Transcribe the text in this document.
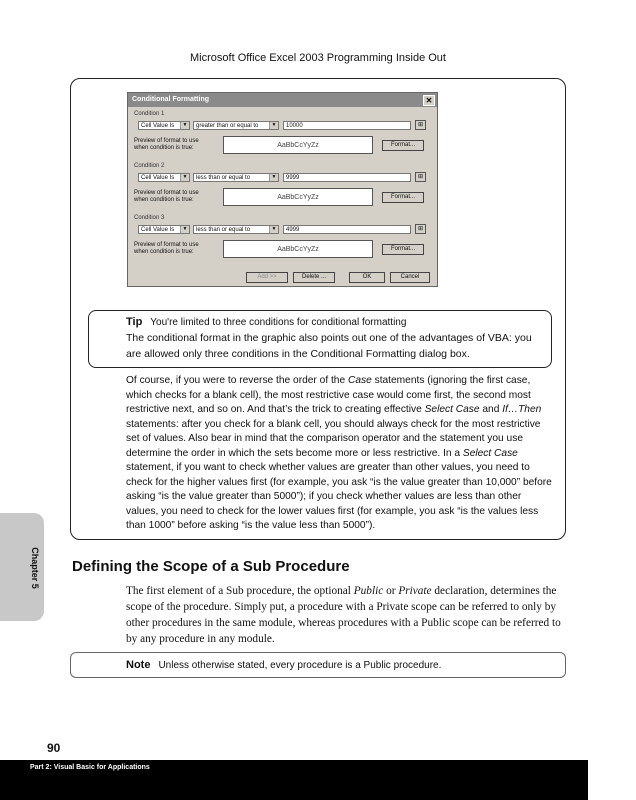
Microsoft Office Excel 2003 Programming Inside Out
Conditional Formatting	✕
Condition 1
Cell Value Is	▼	greater than or equal to	▼	10000	⊞
Preview of format to use when condition is true:	AaBbCcYyZz	Format...
Condition 2
Cell Value Is	▼	less than or equal to	▼	9999	⊞
Preview of format to use when condition is true:	AaBbCcYyZz	Format...
Condition 3
Cell Value Is	▼	less than or equal to	▼	4999	⊞
Preview of format to use when condition is true:	AaBbCcYyZz	Format...
Add >>	Delete ...	OK	Cancel
Tip You're limited to three conditions for conditional formatting
The conditional format in the graphic also points out one of the advantages of VBA: you are allowed only three conditions in the Conditional Formatting dialog box.
Of course, if you were to reverse the order of the Case statements (ignoring the first case, which checks for a blank cell), the most restrictive case would come first, the second most restrictive next, and so on. And that’s the trick to creating effective Select Case and If…Then statements: after you check for a blank cell, you should always check for the most restrictive set of values. Also bear in mind that the comparison operator and the statement you use determine the order in which the sets become more or less restrictive. In a Select Case statement, if you want to check whether values are greater than other values, you need to check for the higher values first (for example, you ask “is the value greater than 10,000” before asking “is the value greater than 5000”); if you check whether values are less than other values, you need to check for the lower values first (for example, you ask “is the values less than 1000” before asking “is the value less than 5000”).
Defining the Scope of a Sub Procedure
The first element of a Sub procedure, the optional Public or Private declaration, determines the scope of the procedure. Simply put, a procedure with a Private scope can be referred to only by other procedures in the same module, whereas procedures with a Public scope can be referred to by any procedure in any module.
Note Unless otherwise stated, every procedure is a Public procedure.
Chapter 5
90
Part 2: Visual Basic for Applications
